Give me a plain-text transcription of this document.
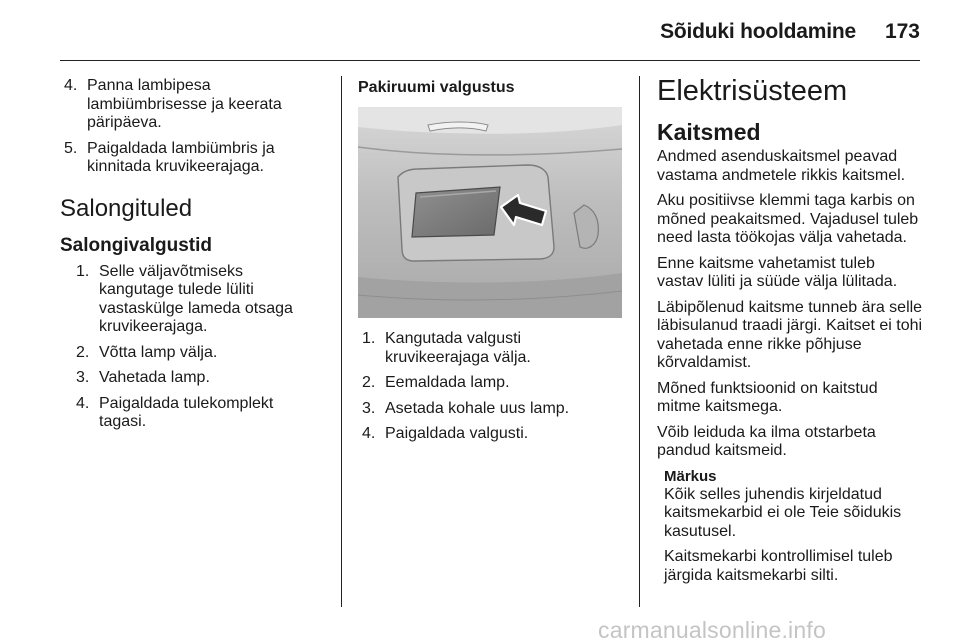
Sõiduki hooldamine 173
4. Panna lambipesa lambiümbrisesse ja keerata päripäeva.
5. Paigaldada lambiümbris ja kinnitada kruvikeerajaga.
Salongituled
Salongivalgustid
1. Selle väljavõtmiseks kangutage tulede lüliti vastaskülge lameda otsaga kruvikeerajaga.
2. Võtta lamp välja.
3. Vahetada lamp.
4. Paigaldada tulekomplekt tagasi.
Pakiruumi valgustus
1. Kangutada valgusti kruvikeerajaga välja.
2. Eemaldada lamp.
3. Asetada kohale uus lamp.
4. Paigaldada valgusti.
Elektrisüsteem
Kaitsmed

Andmed asenduskaitsmel peavad vastama andmetele rikkis kaitsmel.

Aku positiivse klemmi taga karbis on mõned peakaitsmed. Vajadusel tuleb need lasta töökojas välja vahetada.

Enne kaitsme vahetamist tuleb vastav lüliti ja süüde välja lülitada.

Läbipõlenud kaitsme tunneb ära selle läbisulanud traadi järgi. Kaitset ei tohi vahetada enne rikke põhjuse kõrvaldamist.

Mõned funktsioonid on kaitstud mitme kaitsmega.

Võib leiduda ka ilma otstarbeta pandud kaitsmeid.

Märkus

Kõik selles juhendis kirjeldatud kaitsmekarbid ei ole Teie sõidukis kasutusel.

Kaitsmekarbi kontrollimisel tuleb järgida kaitsmekarbi silti.

carmanualsonline.info
